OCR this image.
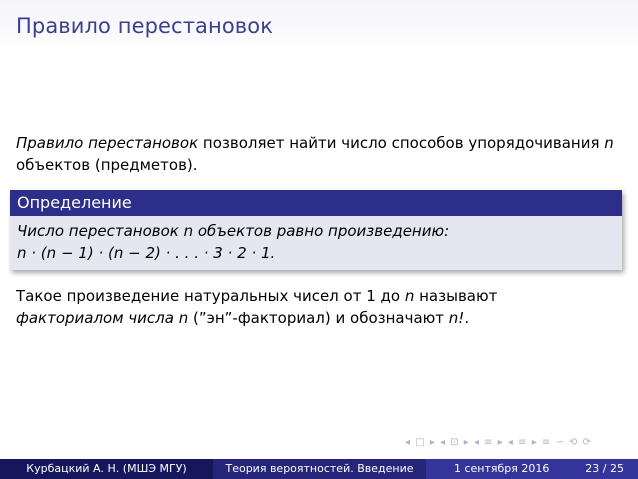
Правило перестановок
Правило перестановок позволяет найти число способов упорядочивания n объектов (предметов).
Определение
Число перестановок n объектов равно произведению:
n · (n − 1) · (n − 2) · . . . · 3 · 2 · 1.
Такое произведение натуральных чисел от 1 до n называют
факториалом числа n (”эн”-факториал) и обозначают n!.
◂ □ ▸ ◂ ⊡ ▸ ◂ ≡ ▸ ◂ ≡ ▸ ≡ ∽ ⟲ ⟳
Курбацкий А. Н. (МШЭ МГУ)	Теория вероятностей. Введение	1 сентября 2016	23 / 25
